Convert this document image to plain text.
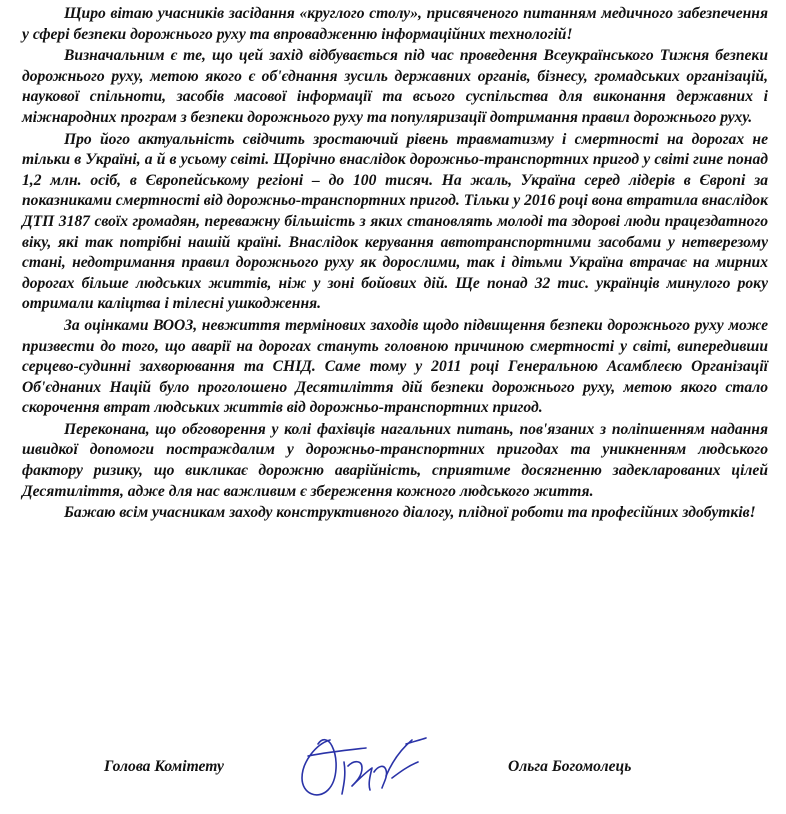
Щиро вітаю учасників засідання «круглого столу», присвяченого питанням медичного забезпечення у сфері безпеки дорожнього руху та впровадженню інформаційних технологій!

Визначальним є те, що цей захід відбувається під час проведення Всеукраїнського Тижня безпеки дорожнього руху, метою якого є об'єднання зусиль державних органів, бізнесу, громадських організацій, наукової спільноти, засобів масової інформації та всього суспільства для виконання державних і міжнародних програм з безпеки дорожнього руху та популяризації дотримання правил дорожнього руху.

Про його актуальність свідчить зростаючий рівень травматизму і смертності на дорогах не тільки в Україні, а й в усьому світі. Щорічно внаслідок дорожньо-транспортних пригод у світі гине понад 1,2 млн. осіб, в Європейському регіоні – до 100 тисяч. На жаль, Україна серед лідерів в Європі за показниками смертності від дорожньо-транспортних пригод. Тільки у 2016 році вона втратила внаслідок ДТП 3187 своїх громадян, переважну більшість з яких становлять молоді та здорові люди працездатного віку, які так потрібні нашій країні. Внаслідок керування автотранспортними засобами у нетверезому стані, недотримання правил дорожнього руху як дорослими, так і дітьми Україна втрачає на мирних дорогах більше людських життів, ніж у зоні бойових дій. Ще понад 32 тис. українців минулого року отримали каліцтва і тілесні ушкодження.

За оцінками ВООЗ, невжиття термінових заходів щодо підвищення безпеки дорожнього руху може призвести до того, що аварії на дорогах стануть головною причиною смертності у світі, випередивши серцево-судинні захворювання та СНІД. Саме тому у 2011 році Генеральною Асамблеєю Організації Об'єднаних Націй було проголошено Десятиліття дій безпеки дорожнього руху, метою якого стало скорочення втрат людських життів від дорожньо-транспортних пригод.

Переконана, що обговорення у колі фахівців нагальних питань, пов'язаних з поліпшенням надання швидкої допомоги постраждалим у дорожньо-транспортних пригодах та уникненням людського фактору ризику, що викликає дорожню аварійність, сприятиме досягненню задекларованих цілей Десятиліття, адже для нас важливим є збереження кожного людського життя.

Бажаю всім учасникам заходу конструктивного діалогу, плідної роботи та професійних здобутків!

Голова Комітету	Ольга Богомолець
